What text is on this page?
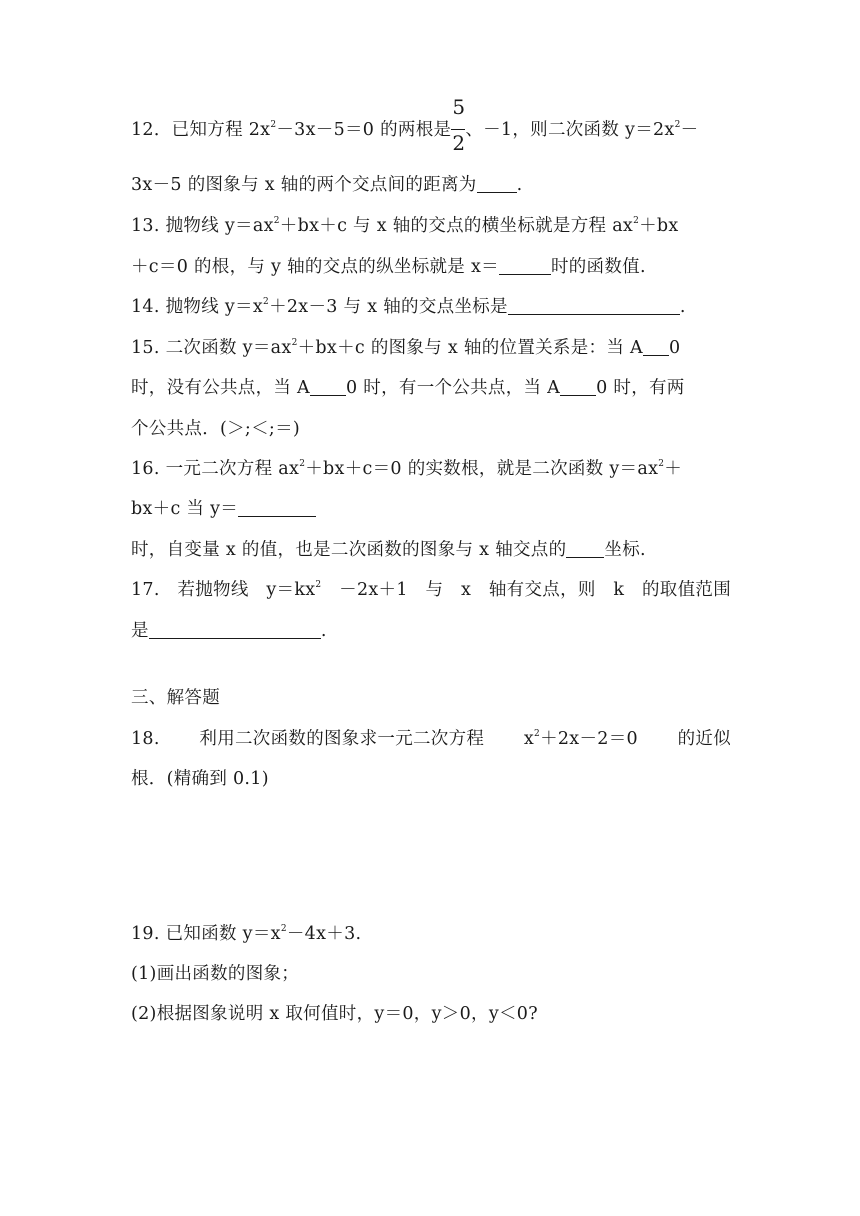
12．已知方程 $2x^2-3x-5=0$ 的两根是 $\frac{5}{2}$ 、－1，则二次函数 $y=2x^2-$
3x－5 的图象与 x 轴的两个交点间的距离为 .
13. 抛物线 $y=ax^2+bx+c$ 与 x 轴的交点的横坐标就是方程 $ax^2+bx$
＋c＝0 的根，与 y 轴的交点的纵坐标就是 x＝	时的函数值.
14. 抛物线 $y=x^2+2x-3$ 与 x 轴的交点坐标是	.
15. 二次函数 $y=ax^2+bx+c$ 的图象与 x 轴的位置关系是：当 A 0
时，没有公共点，当 A 0 时，有一个公共点，当 A 0 时，有两
个公共点．(＞;＜;＝)
16. 一元二次方程 $ax^2+bx+c=0$ 的实数根，就是二次函数 $y=ax^2+$
bx＋c 当 y＝
时，自变量 x 的值，也是二次函数的图象与 x 轴交点的 坐标.
17. 若抛物线 $y=kx^2 -2x+1$ 与 x 轴有交点，则 k 的取值范围
是	.
三、解答题
18. 利用二次函数的图象求一元二次方程 $x^2+2x-2=0$ 的近似
根．(精确到 0.1)
19. 已知函数 $y=x^2-4x+3$.
(1)画出函数的图象；
(2)根据图象说明 x 取何值时，y＝0，y＞0，y＜0?
